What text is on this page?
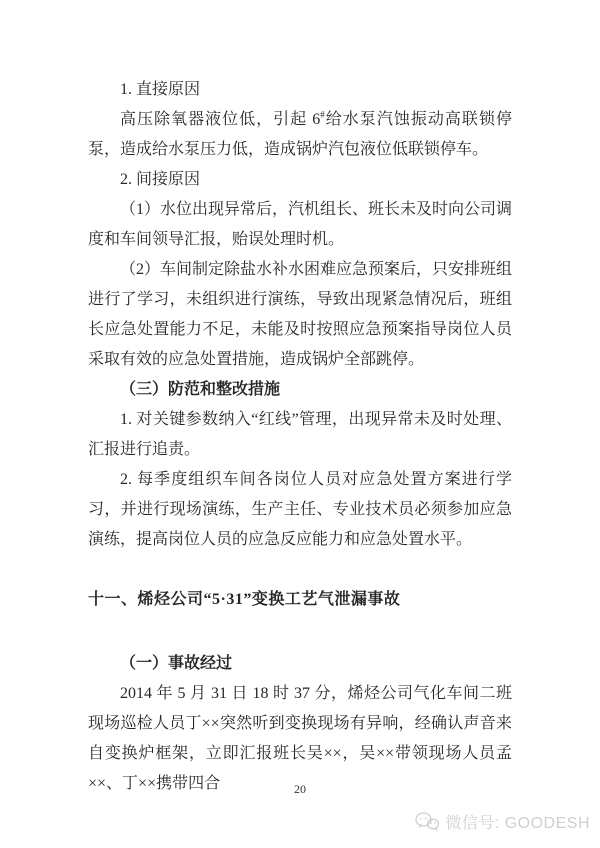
1. 直接原因

高压除氧器液位低，引起 6#给水泵汽蚀振动高联锁停泵，造成给水泵压力低，造成锅炉汽包液位低联锁停车。

2. 间接原因

（1）水位出现异常后，汽机组长、班长未及时向公司调度和车间领导汇报，贻误处理时机。

（2）车间制定除盐水补水困难应急预案后，只安排班组进行了学习，未组织进行演练，导致出现紧急情况后，班组长应急处置能力不足，未能及时按照应急预案指导岗位人员采取有效的应急处置措施，造成锅炉全部跳停。

（三）防范和整改措施

1. 对关键参数纳入“红线”管理，出现异常未及时处理、汇报进行追责。

2. 每季度组织车间各岗位人员对应急处置方案进行学习，并进行现场演练，生产主任、专业技术员必须参加应急演练，提高岗位人员的应急反应能力和应急处置水平。

十一、烯烃公司“5·31”变换工艺气泄漏事故

（一）事故经过

2014 年 5 月 31 日 18 时 37 分，烯烃公司气化车间二班现场巡检人员丁××突然听到变换现场有异响，经确认声音来自变换炉框架，立即汇报班长吴××，吴××带领现场人员孟××、丁××携带四合	20
微信号: GOODESH
